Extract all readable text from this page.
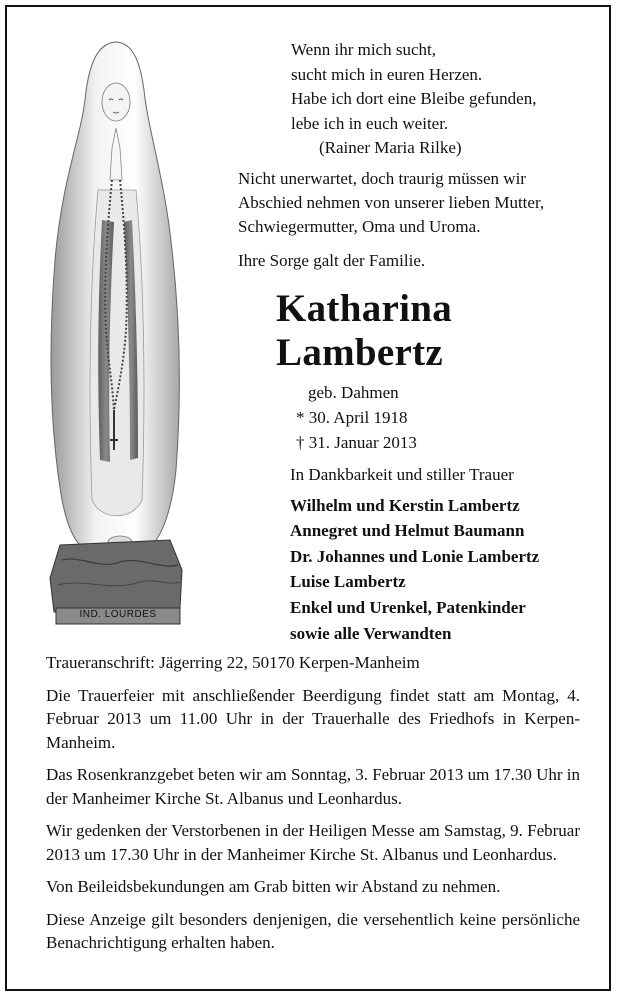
IND. LOURDES
Wenn ihr mich sucht,
sucht mich in euren Herzen.
Habe ich dort eine Bleibe gefunden,
lebe ich in euch weiter.
(Rainer Maria Rilke)

Nicht unerwartet, doch traurig müssen wir Abschied nehmen von unserer lieben Mutter, Schwiegermutter, Oma und Uroma.

Ihre Sorge galt der Familie.

Katharina
Lambertz
geb. Dahmen
* 30. April 1918
† 31. Januar 2013
In Dankbarkeit und stiller Trauer
Wilhelm und Kerstin Lambertz
Annegret und Helmut Baumann
Dr. Johannes und Lonie Lambertz
Luise Lambertz
Enkel und Urenkel, Patenkinder
sowie alle Verwandten

Traueranschrift: Jägerring 22, 50170 Kerpen-Manheim

Die Trauerfeier mit anschließender Beerdigung findet statt am Montag, 4. Februar 2013 um 11.00 Uhr in der Trauerhalle des Friedhofs in Kerpen-Manheim.

Das Rosenkranzgebet beten wir am Sonntag, 3. Februar 2013 um 17.30 Uhr in der Manheimer Kirche St. Albanus und Leonhardus.

Wir gedenken der Verstorbenen in der Heiligen Messe am Samstag, 9. Februar 2013 um 17.30 Uhr in der Manheimer Kirche St. Albanus und Leonhardus.

Von Beileidsbekundungen am Grab bitten wir Abstand zu nehmen.

Diese Anzeige gilt besonders denjenigen, die versehentlich keine persönliche Benachrichtigung erhalten haben.
